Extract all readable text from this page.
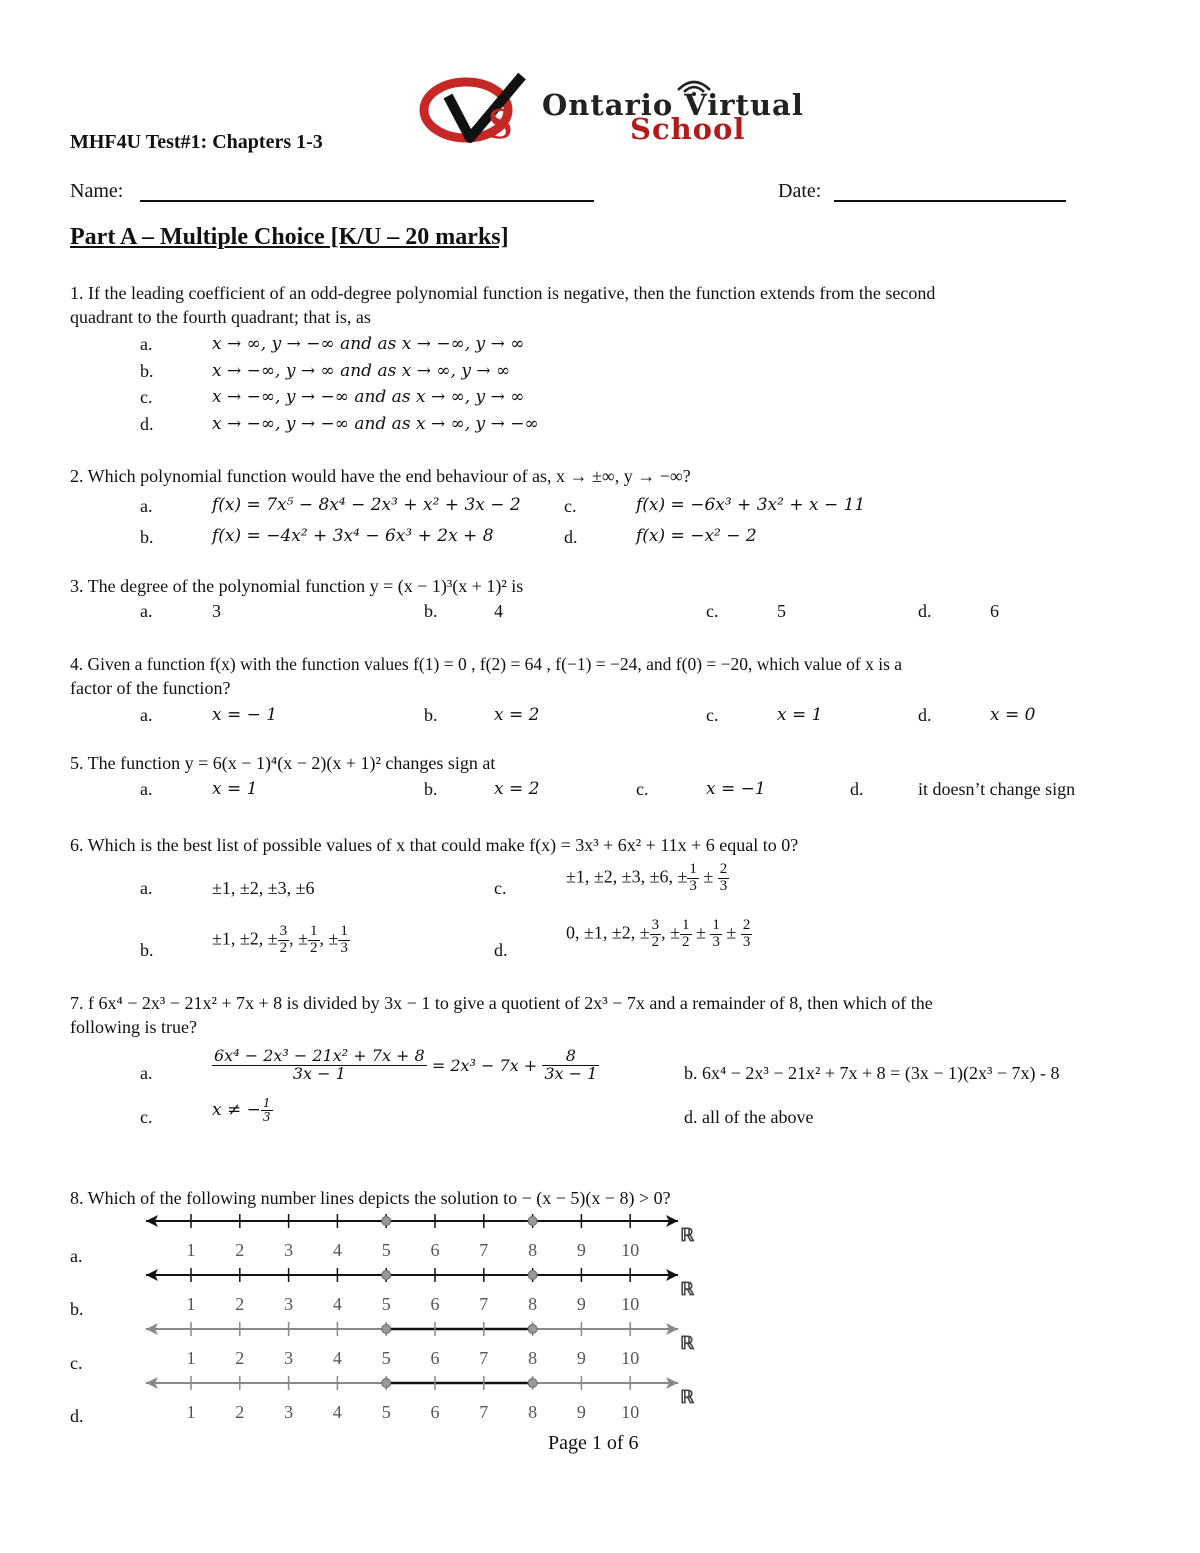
S Ontario Virtual
School
MHF4U Test#1: Chapters 1-3
Name:	Date:
Part A – Multiple Choice [K/U – 20 marks]
1. If the leading coefficient of an odd-degree polynomial function is negative, then the function extends from the second
quadrant to the fourth quadrant; that is, as
a.	x → ∞, y → −∞ and as x → −∞, y → ∞
b.	x → −∞, y → ∞ and as x → ∞, y → ∞
c.	x → −∞, y → −∞ and as x → ∞, y → ∞
d.	x → −∞, y → −∞ and as x → ∞, y → −∞
2. Which polynomial function would have the end behaviour of as, x → ±∞, y → −∞?
a.	f(x) = 7x⁵ − 8x⁴ − 2x³ + x² + 3x − 2 c.	f(x) = −6x³ + 3x² + x − 11
b.	f(x) = −4x² + 3x⁴ − 6x³ + 2x + 8	d.	f(x) = −x² − 2
3. The degree of the polynomial function y = (x − 1)³(x + 1)² is
a.	3	b.	4	c.	5	d.	6
4. Given a function f(x) with the function values f(1) = 0 , f(2) = 64 , f(−1) = −24, and f(0) = −20, which value of x is a
factor of the function?
a.	x = − 1	b.	x = 2	c.	x = 1	d.	x = 0
5. The function y = 6(x − 1)⁴(x − 2)(x + 1)² changes sign at
a.	x = 1	b.	x = 2	c.	x = −1	d.	it doesn’t change sign
6. Which is the best list of possible values of x that could make f(x) = 3x³ + 6x² + 11x + 6 equal to 0?
a.	±1, ±2, ±3, ±6	c.
±1, ±2, ±3, ±6, ± $\frac{1}{3} \pm \frac{2}{3}$
b.
±1, ±2, ± $\frac{3}{2}$ , ± $\frac{1}{2}$ , ± $\frac{1}{3}$	d.
0, ±1, ±2, ± $\frac{3}{2}$ , ± $\frac{1}{2} \pm \frac{1}{3} \pm \frac{2}{3}$
7. f 6x⁴ − 2x³ − 21x² + 7x + 8 is divided by 3x − 1 to give a quotient of 2x³ − 7x and a remainder of 8, then which of the
following is true?
a.	$\frac{\text{6x⁴ − 2x³ − 21x² + 7x + 8}}{3x - 1} = 2x^3 - 7x + \frac{8}{3x - 1}$	b. 6x⁴ − 2x³ − 21x² + 7x + 8 = (3x − 1)(2x³ − 7x) - 8
c.	x ≠ − $\frac{1}{3}$	d. all of the above
8. Which of the following number lines depicts the solution to − (x − 5)(x − 8) > 0?
a.
b.
c.
d.
1 2 3 4 5 6 7 8 9 10
ℝ
1 2 3 4 5 6 7 8 9 10
ℝ
1 2 3 4 5 6 7 8 9 10
ℝ
1 2 3 4 5 6 7 8 9 10
ℝ
Page 1 of 6
